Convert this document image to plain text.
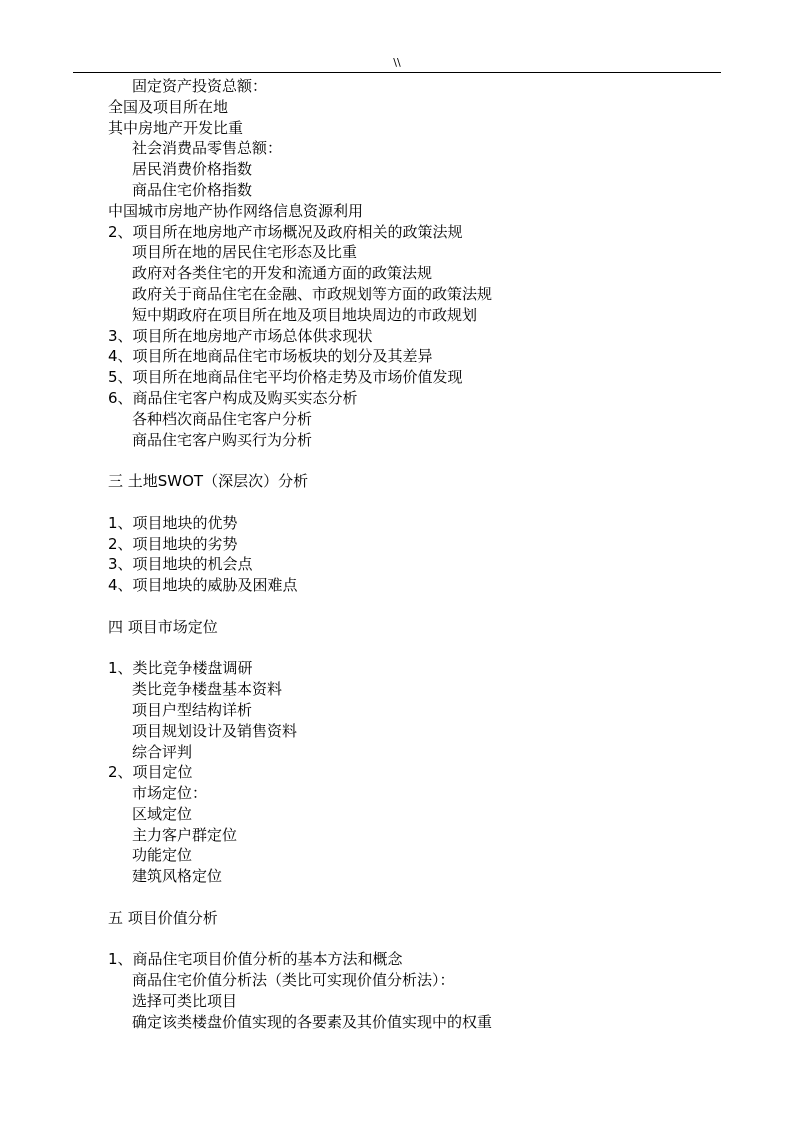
\\
固定资产投资总额：
全国及项目所在地
其中房地产开发比重
社会消费品零售总额：
居民消费价格指数
商品住宅价格指数
中国城市房地产协作网络信息资源利用
2、项目所在地房地产市场概况及政府相关的政策法规
项目所在地的居民住宅形态及比重
政府对各类住宅的开发和流通方面的政策法规
政府关于商品住宅在金融、市政规划等方面的政策法规
短中期政府在项目所在地及项目地块周边的市政规划
3、项目所在地房地产市场总体供求现状
4、项目所在地商品住宅市场板块的划分及其差异
5、项目所在地商品住宅平均价格走势及市场价值发现
6、商品住宅客户构成及购买实态分析
各种档次商品住宅客户分析
商品住宅客户购买行为分析
三 土地SWOT（深层次）分析
1、项目地块的优势
2、项目地块的劣势
3、项目地块的机会点
4、项目地块的威胁及困难点
四 项目市场定位
1、类比竞争楼盘调研
类比竞争楼盘基本资料
项目户型结构详析
项目规划设计及销售资料
综合评判
2、项目定位
市场定位：
区域定位
主力客户群定位
功能定位
建筑风格定位
五 项目价值分析
1、商品住宅项目价值分析的基本方法和概念
商品住宅价值分析法（类比可实现价值分析法）：
选择可类比项目
确定该类楼盘价值实现的各要素及其价值实现中的权重
